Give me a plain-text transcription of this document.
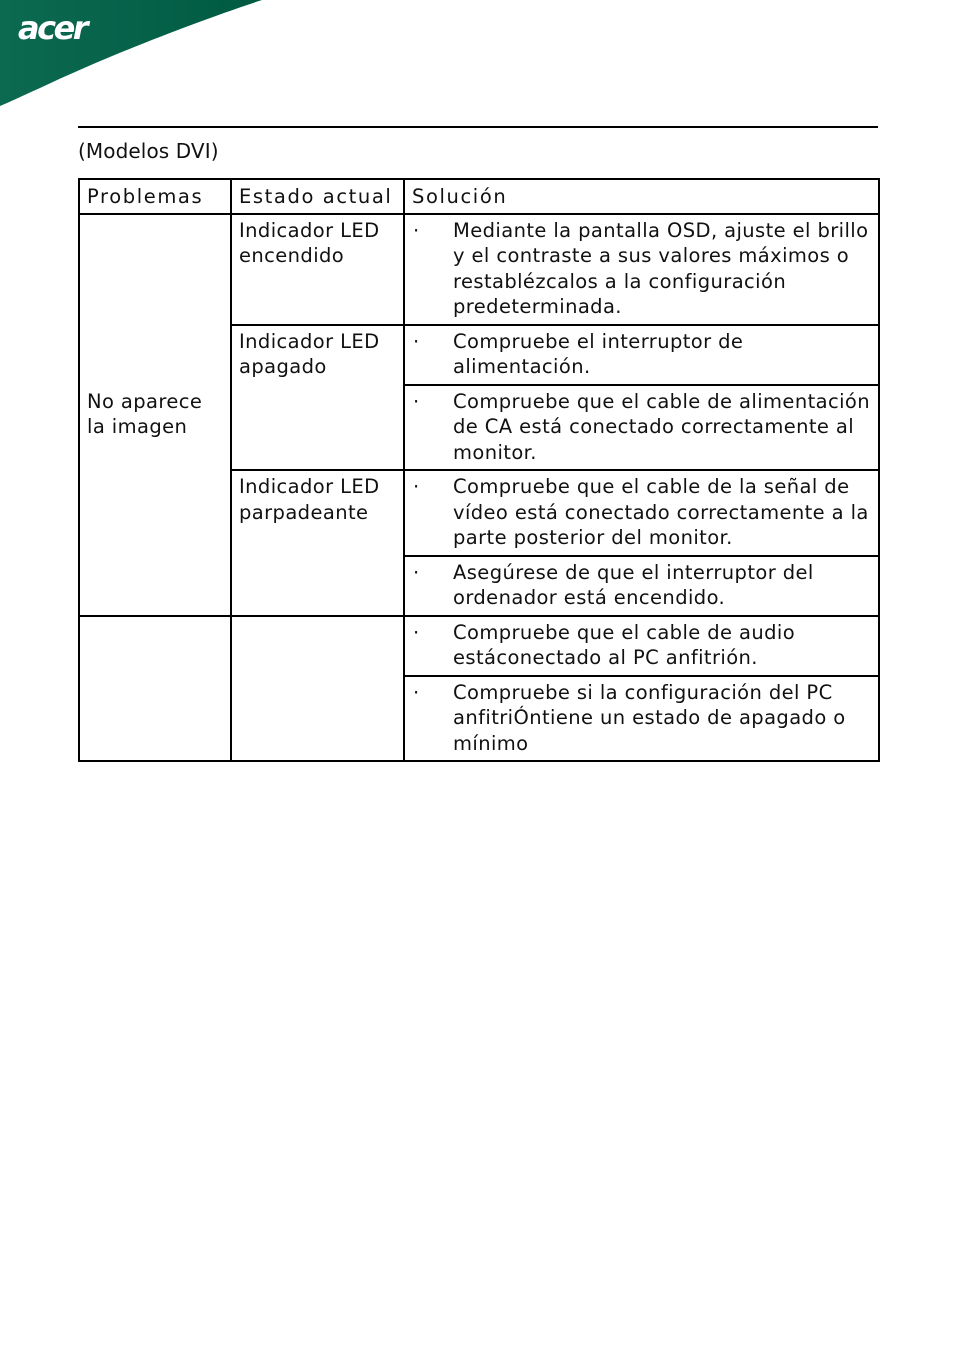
acer
(Modelos DVI)
Problemas	Estado actual	Solución
No aparece la imagen	Indicador LED encendido	· Mediante la pantalla OSD, ajuste el brillo y el contraste a sus valores máximos o restablézcalos a la configuración predeterminada.

	Indicador LED apagado	· Compruebe el interruptor de alimentación.

		· Compruebe que el cable de alimentación de CA está conectado correctamente al monitor.

	Indicador LED parpadeante	· Compruebe que el cable de la señal de vídeo está conectado correctamente a la parte posterior del monitor.

		· Asegúrese de que el interruptor del ordenador está encendido.

		· Compruebe que el cable de audio estáconectado al PC anfitrión.

		· Compruebe si la configuración del PC anfitriÓntiene un estado de apagado o mínimo
